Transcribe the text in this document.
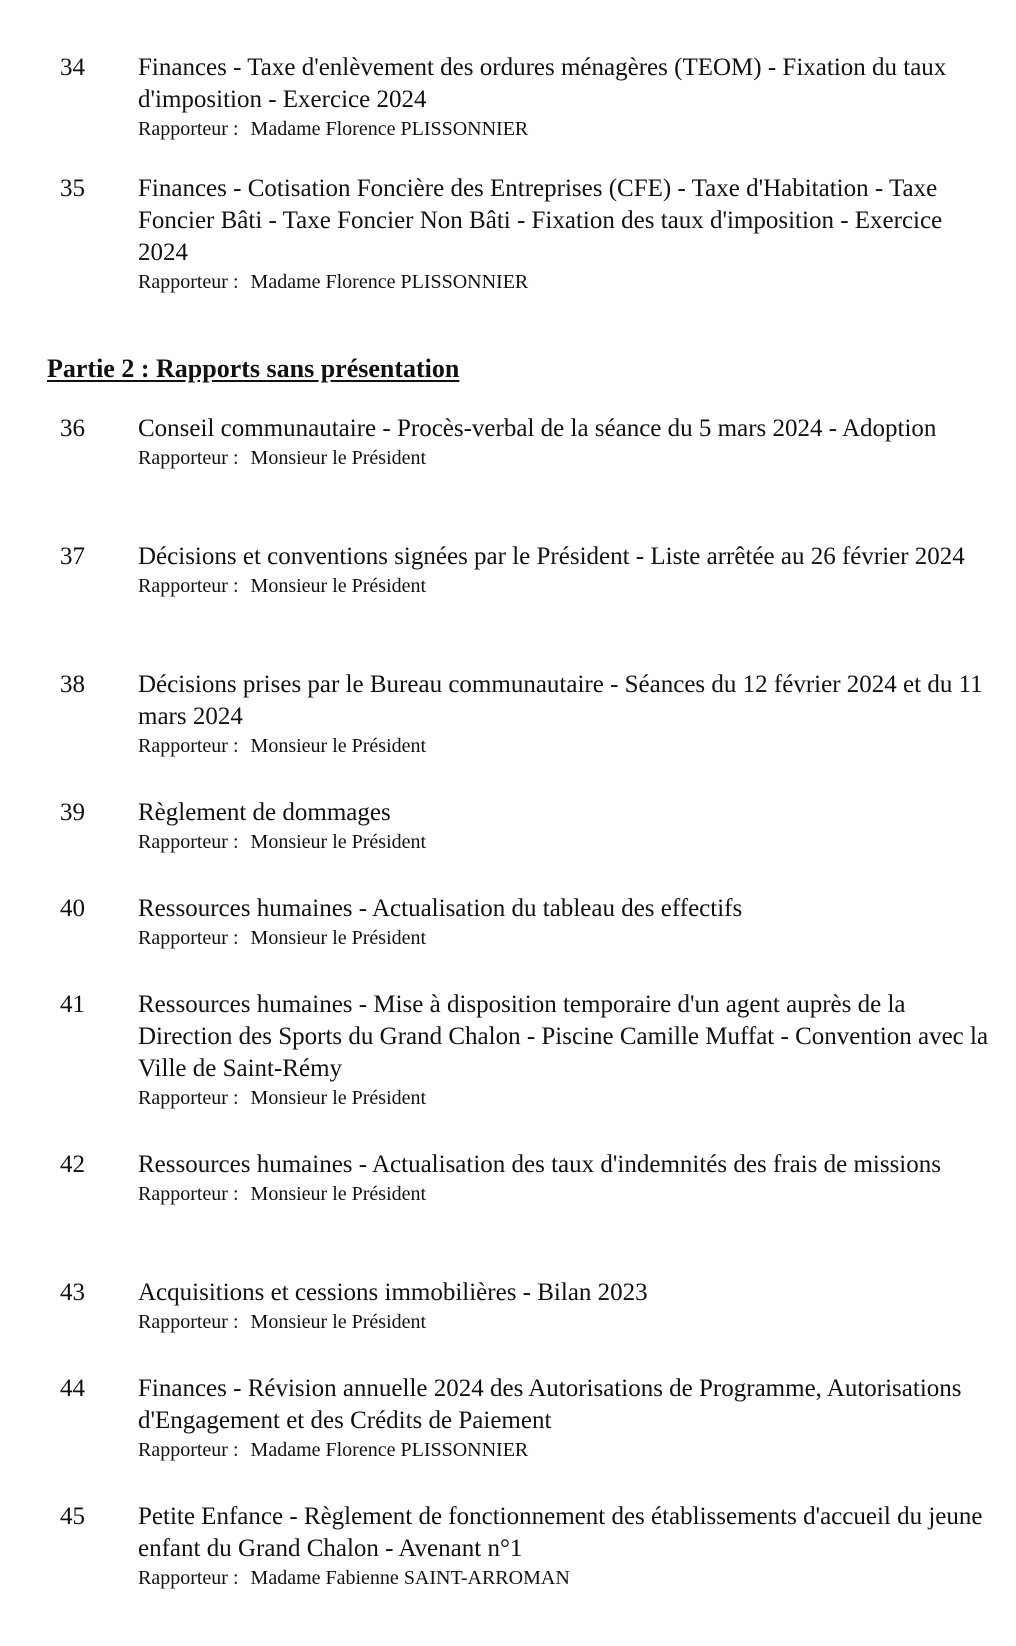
34 Finances - Taxe d'enlèvement des ordures ménagères (TEOM) - Fixation du taux d'imposition - Exercice 2024
Rapporteur : Madame Florence PLISSONNIER
35 Finances - Cotisation Foncière des Entreprises (CFE) - Taxe d'Habitation - Taxe Foncier Bâti - Taxe Foncier Non Bâti - Fixation des taux d'imposition - Exercice 2024
Rapporteur : Madame Florence PLISSONNIER
Partie 2 : Rapports sans présentation
36 Conseil communautaire - Procès-verbal de la séance du 5 mars 2024 - Adoption
Rapporteur : Monsieur le Président
37 Décisions et conventions signées par le Président - Liste arrêtée au 26 février 2024
Rapporteur : Monsieur le Président
38 Décisions prises par le Bureau communautaire - Séances du 12 février 2024 et du 11 mars 2024
Rapporteur : Monsieur le Président
39 Règlement de dommages
Rapporteur : Monsieur le Président
40 Ressources humaines - Actualisation du tableau des effectifs
Rapporteur : Monsieur le Président
41 Ressources humaines - Mise à disposition temporaire d'un agent auprès de la Direction des Sports du Grand Chalon - Piscine Camille Muffat - Convention avec la Ville de Saint-Rémy
Rapporteur : Monsieur le Président
42 Ressources humaines - Actualisation des taux d'indemnités des frais de missions
Rapporteur : Monsieur le Président
43 Acquisitions et cessions immobilières - Bilan 2023
Rapporteur : Monsieur le Président
44 Finances - Révision annuelle 2024 des Autorisations de Programme, Autorisations d'Engagement et des Crédits de Paiement
Rapporteur : Madame Florence PLISSONNIER
45 Petite Enfance - Règlement de fonctionnement des établissements d'accueil du jeune enfant du Grand Chalon - Avenant n°1
Rapporteur : Madame Fabienne SAINT-ARROMAN
